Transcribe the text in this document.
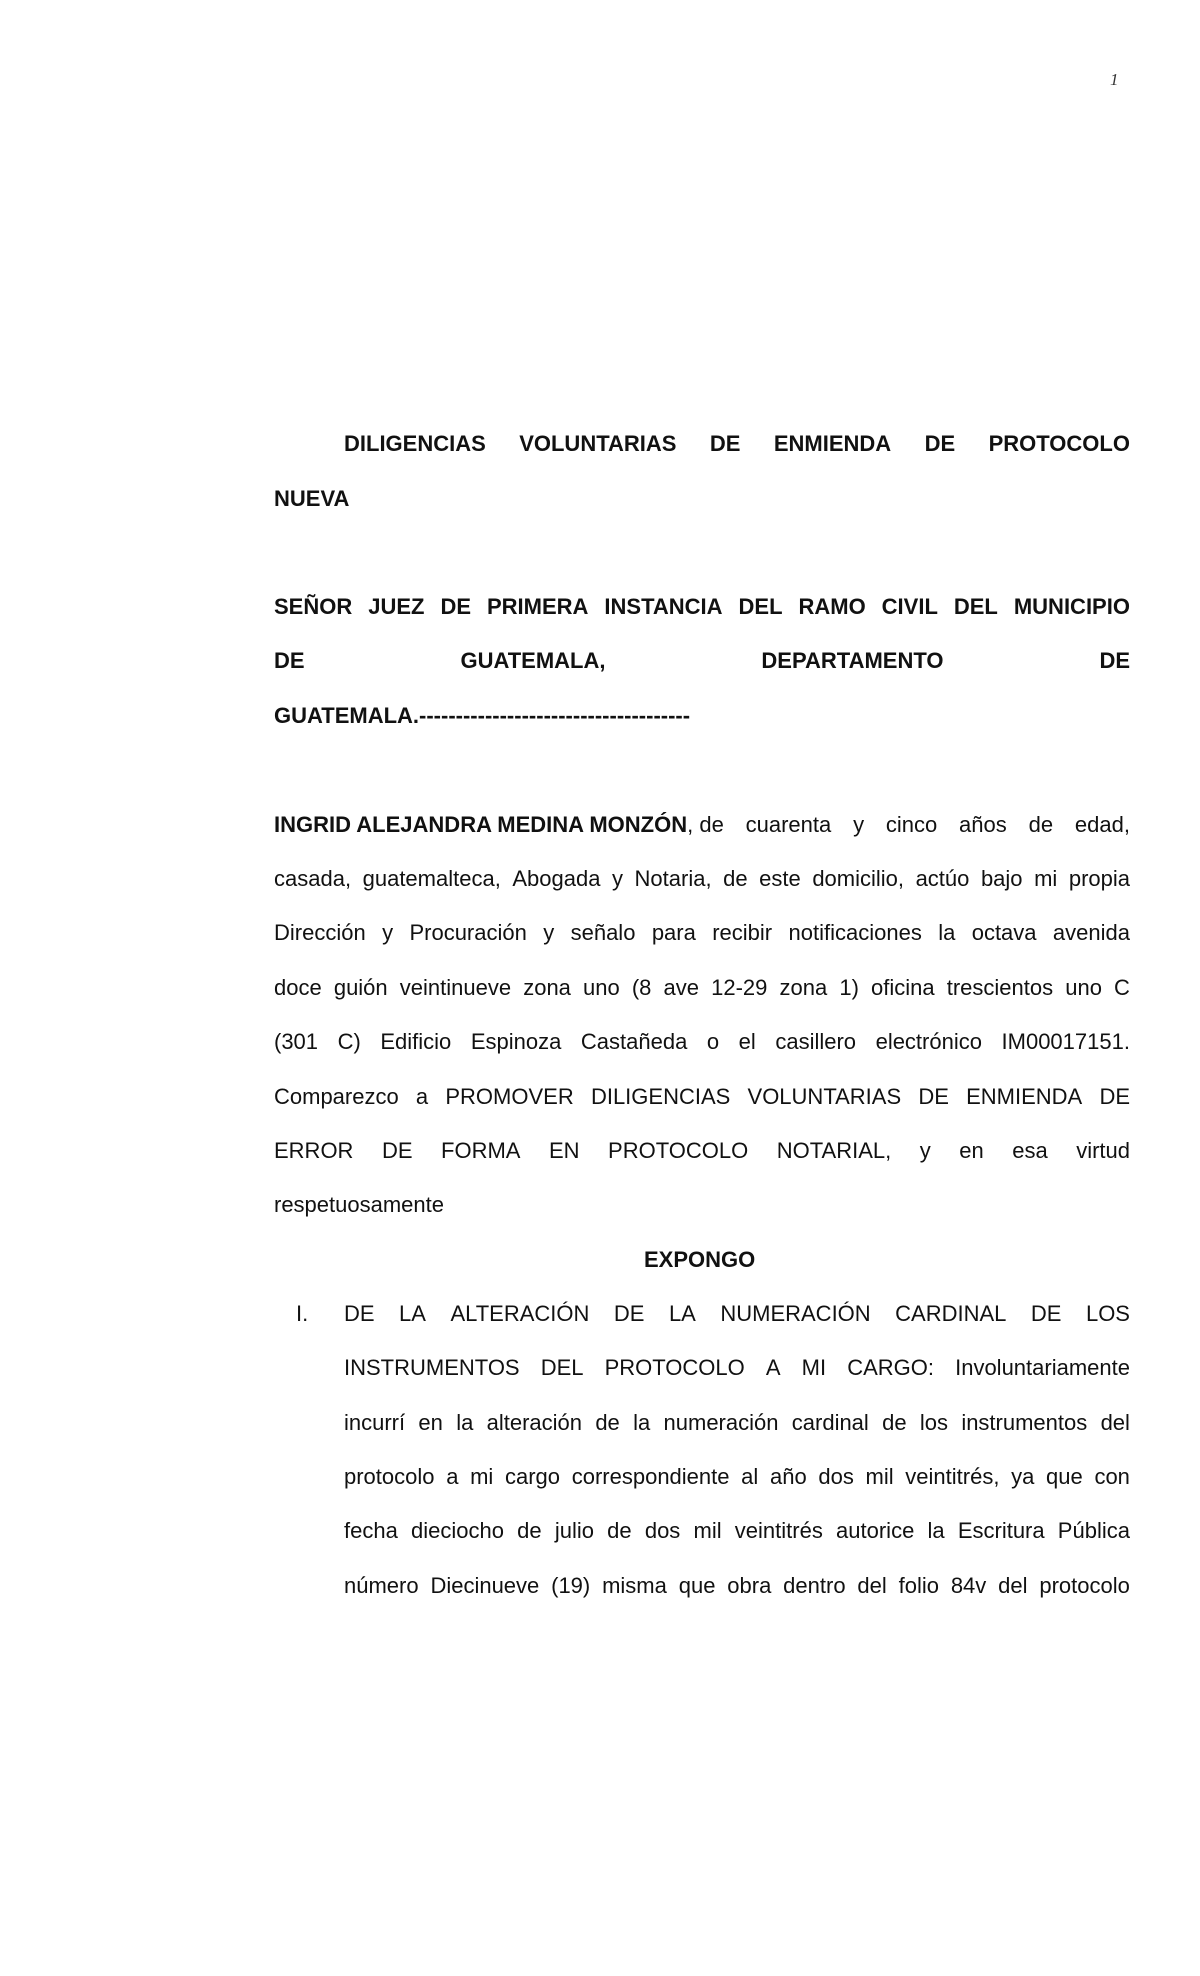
1
DILIGENCIAS VOLUNTARIAS DE ENMIENDA DE PROTOCOLO
NUEVA
SEÑOR JUEZ DE PRIMERA INSTANCIA DEL RAMO CIVIL DEL MUNICIPIO
DE	GUATEMALA,	DEPARTAMENTO	DE
GUATEMALA.-------------------------------------
INGRID ALEJANDRA MEDINA MONZÓN, de cuarenta y cinco años de edad,
casada, guatemalteca, Abogada y Notaria, de este domicilio, actúo bajo mi propia
Dirección y Procuración y señalo para recibir notificaciones la octava avenida
doce guión veintinueve zona uno (8 ave 12-29 zona 1) oficina trescientos uno C
(301 C) Edificio Espinoza Castañeda o el casillero electrónico IM00017151.
Comparezco a PROMOVER DILIGENCIAS VOLUNTARIAS DE ENMIENDA DE
ERROR DE FORMA EN PROTOCOLO NOTARIAL, y en esa virtud
respetuosamente
EXPONGO
I. DE LA ALTERACIÓN DE LA NUMERACIÓN CARDINAL DE LOS
INSTRUMENTOS DEL PROTOCOLO A MI CARGO: Involuntariamente
incurrí en la alteración de la numeración cardinal de los instrumentos del
protocolo a mi cargo correspondiente al año dos mil veintitrés, ya que con
fecha dieciocho de julio de dos mil veintitrés autorice la Escritura Pública
número Diecinueve (19) misma que obra dentro del folio 84v del protocolo
